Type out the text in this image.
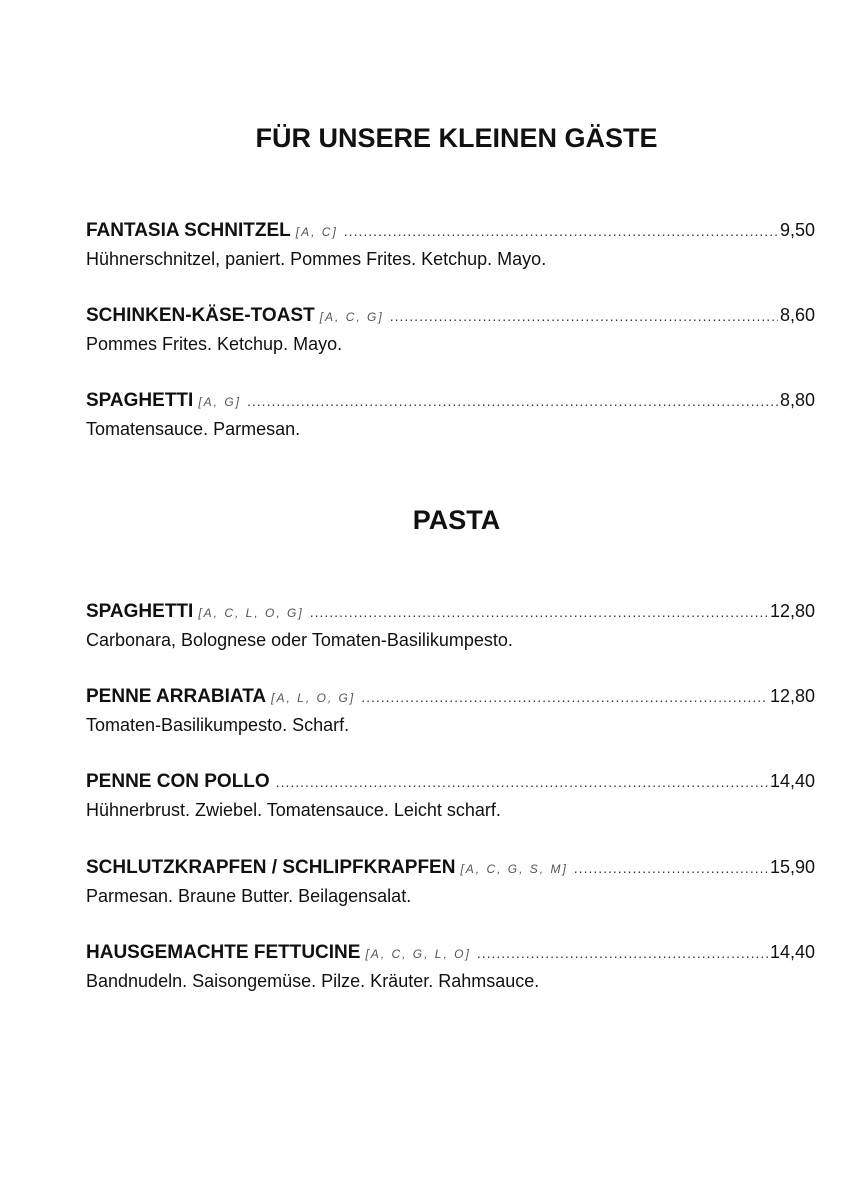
FÜR UNSERE KLEINEN GÄSTE
FANTASIA SCHNITZEL [A, C] .....	9,50
Hühnerschnitzel, paniert. Pommes Frites. Ketchup. Mayo.
SCHINKEN-KÄSE-TOAST [A, C, G] .....	8,60
Pommes Frites. Ketchup. Mayo.
SPAGHETTI [A, G] .....	8,80
Tomatensauce. Parmesan.
PASTA
SPAGHETTI [A, C, L, O, G] .....	12,80
Carbonara, Bolognese oder Tomaten-Basilikumpesto.
PENNE ARRABIATA [A, L, O, G] .....	12,80
Tomaten-Basilikumpesto. Scharf.
PENNE CON POLLO .....	14,40
Hühnerbrust. Zwiebel. Tomatensauce. Leicht scharf.
SCHLUTZKRAPFEN / SCHLIPFKRAPFEN [A, C, G, S, M] .....	15,90
Parmesan. Braune Butter. Beilagensalat.
HAUSGEMACHTE FETTUCINE [A, C, G, L, O] .....	14,40
Bandnudeln. Saisongemüse. Pilze. Kräuter. Rahmsauce.
